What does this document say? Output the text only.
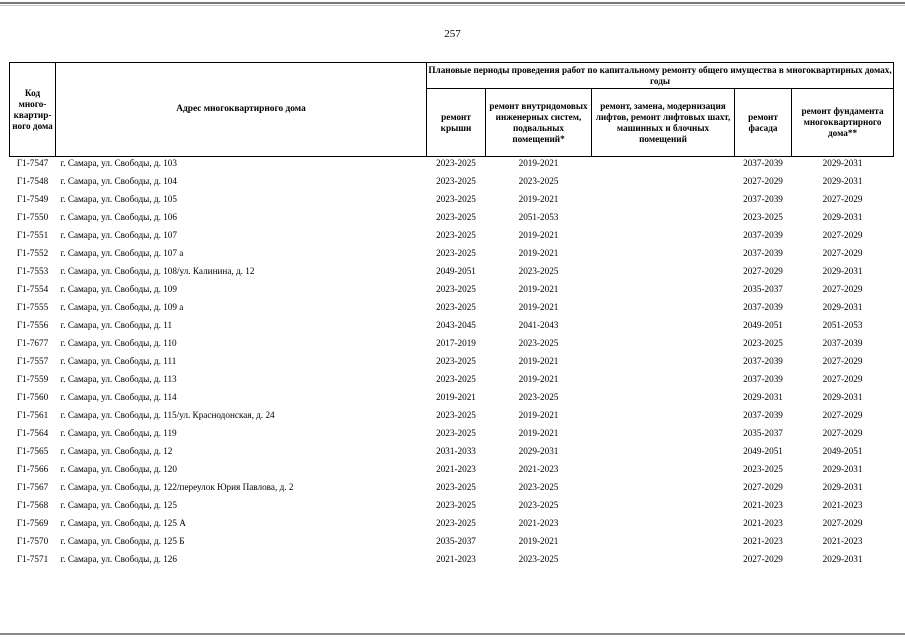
257
Код много-квартир-ного дома	Адрес многоквартирного дома	Плановые периоды проведения работ по капитальному ремонту общего имущества в многоквартирных домах, годы				
		ремонт крыши	ремонт внутридомовых инженерных систем, подвальных помещений*	ремонт, замена, модернизация лифтов, ремонт лифтовых шахт, машинных и блочных помещений	ремонт фасада	ремонт фундамента многоквартирного дома**
Г1-7547	г. Самара, ул. Свободы, д. 103	2023-2025	2019-2021		2037-2039	2029-2031
Г1-7548	г. Самара, ул. Свободы, д. 104	2023-2025	2023-2025		2027-2029	2029-2031
Г1-7549	г. Самара, ул. Свободы, д. 105	2023-2025	2019-2021		2037-2039	2027-2029
Г1-7550	г. Самара, ул. Свободы, д. 106	2023-2025	2051-2053		2023-2025	2029-2031
Г1-7551	г. Самара, ул. Свободы, д. 107	2023-2025	2019-2021		2037-2039	2027-2029
Г1-7552	г. Самара, ул. Свободы, д. 107 а	2023-2025	2019-2021		2037-2039	2027-2029
Г1-7553	г. Самара, ул. Свободы, д. 108/ул. Калинина, д. 12	2049-2051	2023-2025		2027-2029	2029-2031
Г1-7554	г. Самара, ул. Свободы, д. 109	2023-2025	2019-2021		2035-2037	2027-2029
Г1-7555	г. Самара, ул. Свободы, д. 109 а	2023-2025	2019-2021		2037-2039	2029-2031
Г1-7556	г. Самара, ул. Свободы, д. 11	2043-2045	2041-2043		2049-2051	2051-2053
Г1-7677	г. Самара, ул. Свободы, д. 110	2017-2019	2023-2025		2023-2025	2037-2039
Г1-7557	г. Самара, ул. Свободы, д. 111	2023-2025	2019-2021		2037-2039	2027-2029
Г1-7559	г. Самара, ул. Свободы, д. 113	2023-2025	2019-2021		2037-2039	2027-2029
Г1-7560	г. Самара, ул. Свободы, д. 114	2019-2021	2023-2025		2029-2031	2029-2031
Г1-7561	г. Самара, ул. Свободы, д. 115/ул. Краснодонская, д. 24	2023-2025	2019-2021		2037-2039	2027-2029
Г1-7564	г. Самара, ул. Свободы, д. 119	2023-2025	2019-2021		2035-2037	2027-2029
Г1-7565	г. Самара, ул. Свободы, д. 12	2031-2033	2029-2031		2049-2051	2049-2051
Г1-7566	г. Самара, ул. Свободы, д. 120	2021-2023	2021-2023		2023-2025	2029-2031
Г1-7567	г. Самара, ул. Свободы, д. 122/переулок Юрия Павлова, д. 2	2023-2025	2023-2025		2027-2029	2029-2031
Г1-7568	г. Самара, ул. Свободы, д. 125	2023-2025	2023-2025		2021-2023	2021-2023
Г1-7569	г. Самара, ул. Свободы, д. 125 А	2023-2025	2021-2023		2021-2023	2027-2029
Г1-7570	г. Самара, ул. Свободы, д. 125 Б	2035-2037	2019-2021		2021-2023	2021-2023
Г1-7571	г. Самара, ул. Свободы, д. 126	2021-2023	2023-2025		2027-2029	2029-2031
